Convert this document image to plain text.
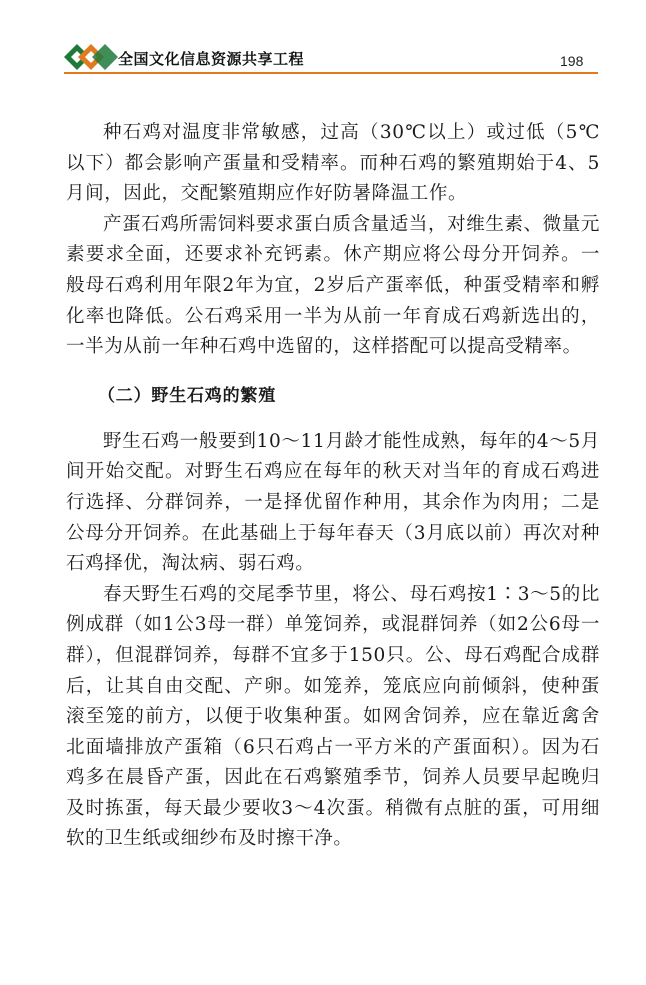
全国文化信息资源共享工程	198

种石鸡对温度非常敏感，过高（30℃以上）或过低（5℃以下）都会影响产蛋量和受精率。而种石鸡的繁殖期始于4、5月间，因此，交配繁殖期应作好防暑降温工作。

产蛋石鸡所需饲料要求蛋白质含量适当，对维生素、微量元素要求全面，还要求补充钙素。休产期应将公母分开饲养。一般母石鸡利用年限2年为宜，2岁后产蛋率低，种蛋受精率和孵化率也降低。公石鸡采用一半为从前一年育成石鸡新选出的，一半为从前一年种石鸡中选留的，这样搭配可以提高受精率。

（二）野生石鸡的繁殖

野生石鸡一般要到10～11月龄才能性成熟，每年的4～5月间开始交配。对野生石鸡应在每年的秋天对当年的育成石鸡进行选择、分群饲养，一是择优留作种用，其余作为肉用；二是公母分开饲养。在此基础上于每年春天（3月底以前）再次对种石鸡择优，淘汰病、弱石鸡。

春天野生石鸡的交尾季节里，将公、母石鸡按1∶3～5的比例成群（如1公3母一群）单笼饲养，或混群饲养（如2公6母一群），但混群饲养，每群不宜多于150只。公、母石鸡配合成群后，让其自由交配、产卵。如笼养，笼底应向前倾斜，使种蛋滚至笼的前方，以便于收集种蛋。如网舍饲养，应在靠近禽舍北面墙排放产蛋箱（6只石鸡占一平方米的产蛋面积）。因为石鸡多在晨昏产蛋，因此在石鸡繁殖季节，饲养人员要早起晚归及时拣蛋，每天最少要收3～4次蛋。稍微有点脏的蛋，可用细软的卫生纸或细纱布及时擦干净。
